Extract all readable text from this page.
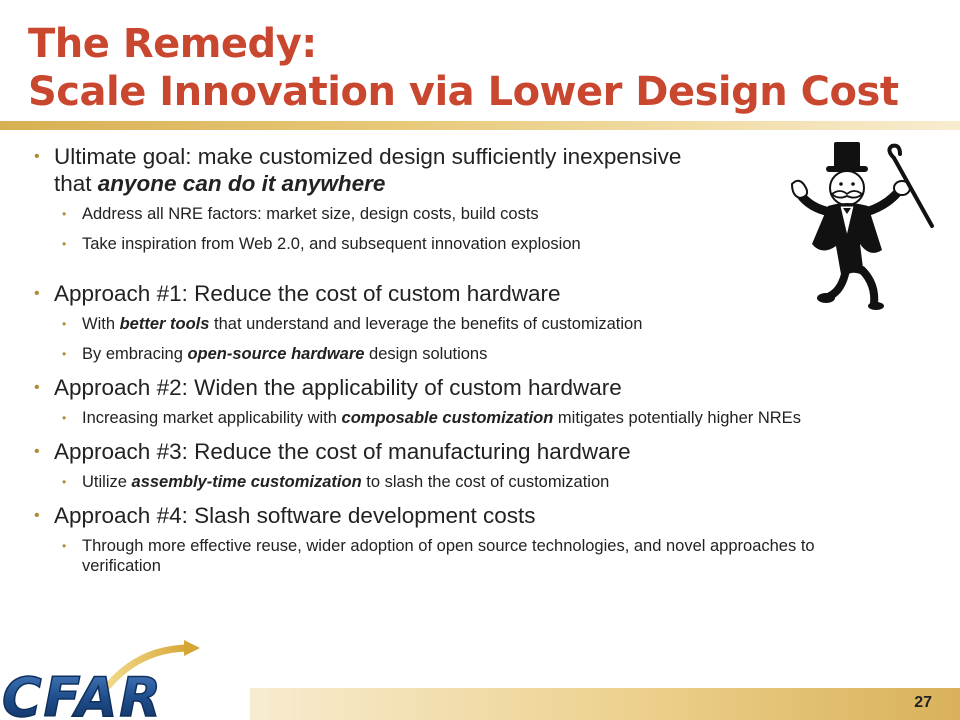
The Remedy:
Scale Innovation via Lower Design Cost
• Ultimate goal: make customized design sufficiently inexpensive that anyone can do it anywhere
• Address all NRE factors: market size, design costs, build costs
• Take inspiration from Web 2.0, and subsequent innovation explosion
• Approach #1: Reduce the cost of custom hardware
• With better tools that understand and leverage the benefits of customization
• By embracing open-source hardware design solutions
• Approach #2: Widen the applicability of custom hardware
• Increasing market applicability with composable customization mitigates potentially higher NREs
• Approach #3: Reduce the cost of manufacturing hardware
• Utilize assembly-time customization to slash the cost of customization
• Approach #4: Slash software development costs
• Through more effective reuse, wider adoption of open source technologies, and novel approaches to verification
27
CFAR
